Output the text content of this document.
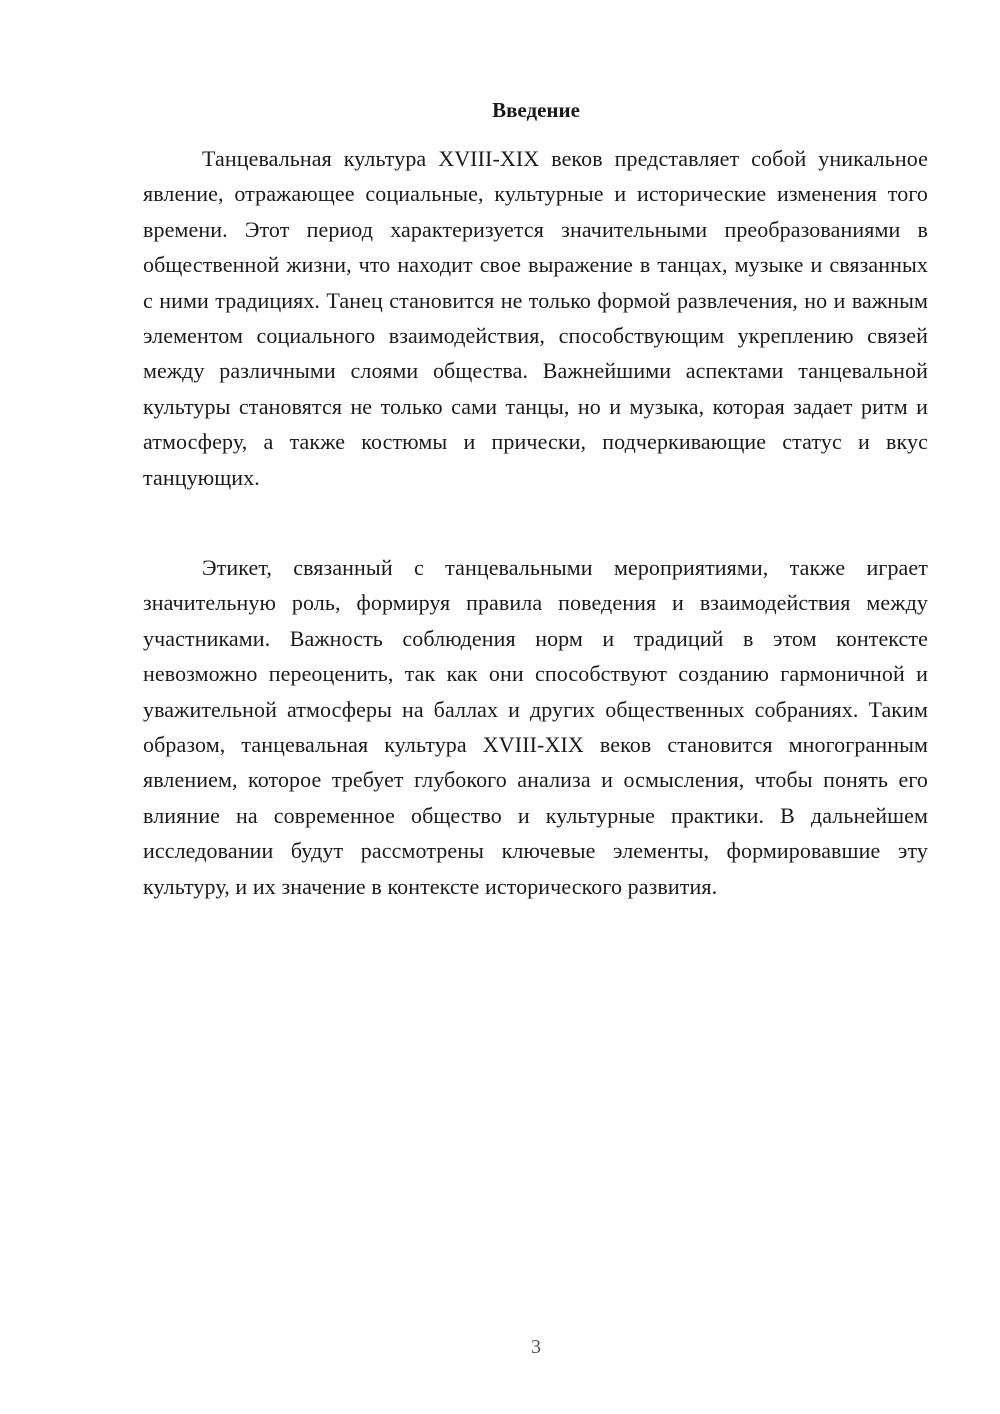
Введение

Танцевальная культура XVIII-XIX веков представляет собой уникальное явление, отражающее социальные, культурные и исторические изменения того времени. Этот период характеризуется значительными преобразованиями в общественной жизни, что находит свое выражение в танцах, музыке и связанных с ними традициях. Танец становится не только формой развлечения, но и важным элементом социального взаимодействия, способствующим укреплению связей между различными слоями общества. Важнейшими аспектами танцевальной культуры становятся не только сами танцы, но и музыка, которая задает ритм и атмосферу, а также костюмы и прически, подчеркивающие статус и вкус танцующих.

Этикет, связанный с танцевальными мероприятиями, также играет значительную роль, формируя правила поведения и взаимодействия между участниками. Важность соблюдения норм и традиций в этом контексте невозможно переоценить, так как они способствуют созданию гармоничной и уважительной атмосферы на баллах и других общественных собраниях. Таким образом, танцевальная культура XVIII-XIX веков становится многогранным явлением, которое требует глубокого анализа и осмысления, чтобы понять его влияние на современное общество и культурные практики. В дальнейшем исследовании будут рассмотрены ключевые элементы, формировавшие эту культуру, и их значение в контексте исторического развития.

3
